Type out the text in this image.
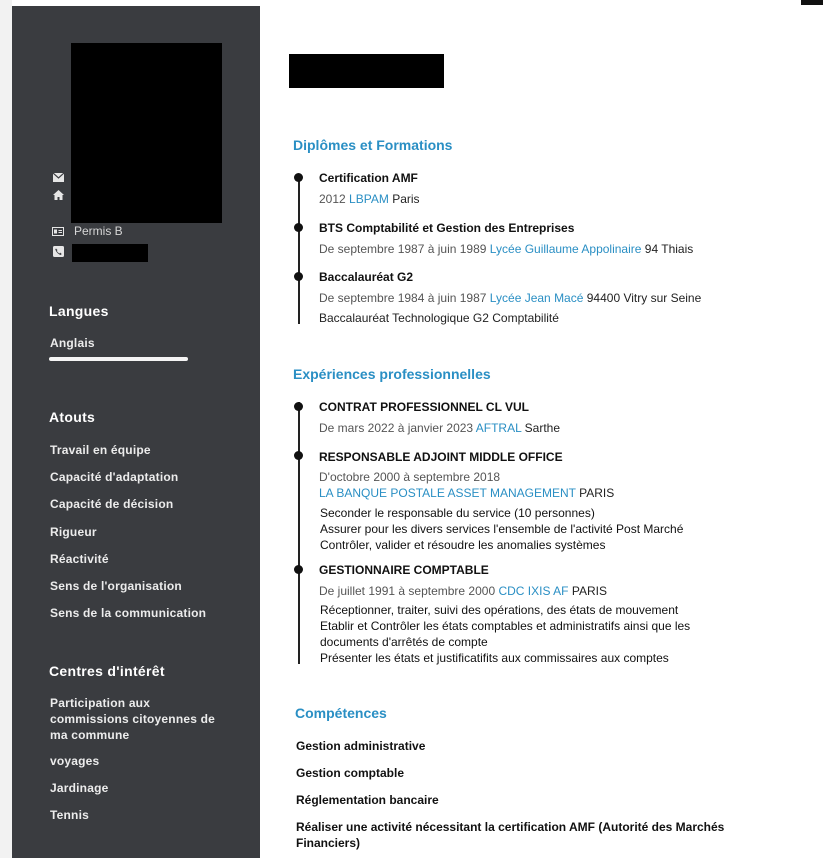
Permis B
Langues
Anglais
Atouts
Travail en équipe
Capacité d'adaptation
Capacité de décision
Rigueur
Réactivité
Sens de l'organisation
Sens de la communication
Centres d'intérêt
Participation aux commissions citoyennes de ma commune
voyages
Jardinage
Tennis
Diplômes et Formations
Certification AMF
2012 LBPAM Paris
BTS Comptabilité et Gestion des Entreprises
De septembre 1987 à juin 1989 Lycée Guillaume Appolinaire 94 Thiais
Baccalauréat G2
De septembre 1984 à juin 1987 Lycée Jean Macé 94400 Vitry sur Seine
Baccalauréat Technologique G2 Comptabilité
Expériences professionnelles
CONTRAT PROFESSIONNEL CL VUL
De mars 2022 à janvier 2023 AFTRAL Sarthe
RESPONSABLE ADJOINT MIDDLE OFFICE
D'octobre 2000 à septembre 2018
LA BANQUE POSTALE ASSET MANAGEMENT PARIS
Seconder le responsable du service (10 personnes)
Assurer pour les divers services l'ensemble de l'activité Post Marché
Contrôler, valider et résoudre les anomalies systèmes
GESTIONNAIRE COMPTABLE
De juillet 1991 à septembre 2000 CDC IXIS AF PARIS
Réceptionner, traiter, suivi des opérations, des états de mouvement
Etablir et Contrôler les états comptables et administratifs ainsi que les documents d'arrêtés de compte
Présenter les états et justificatifits aux commissaires aux comptes
Compétences
Gestion administrative
Gestion comptable
Réglementation bancaire
Réaliser une activité nécessitant la certification AMF (Autorité des Marchés Financiers)
